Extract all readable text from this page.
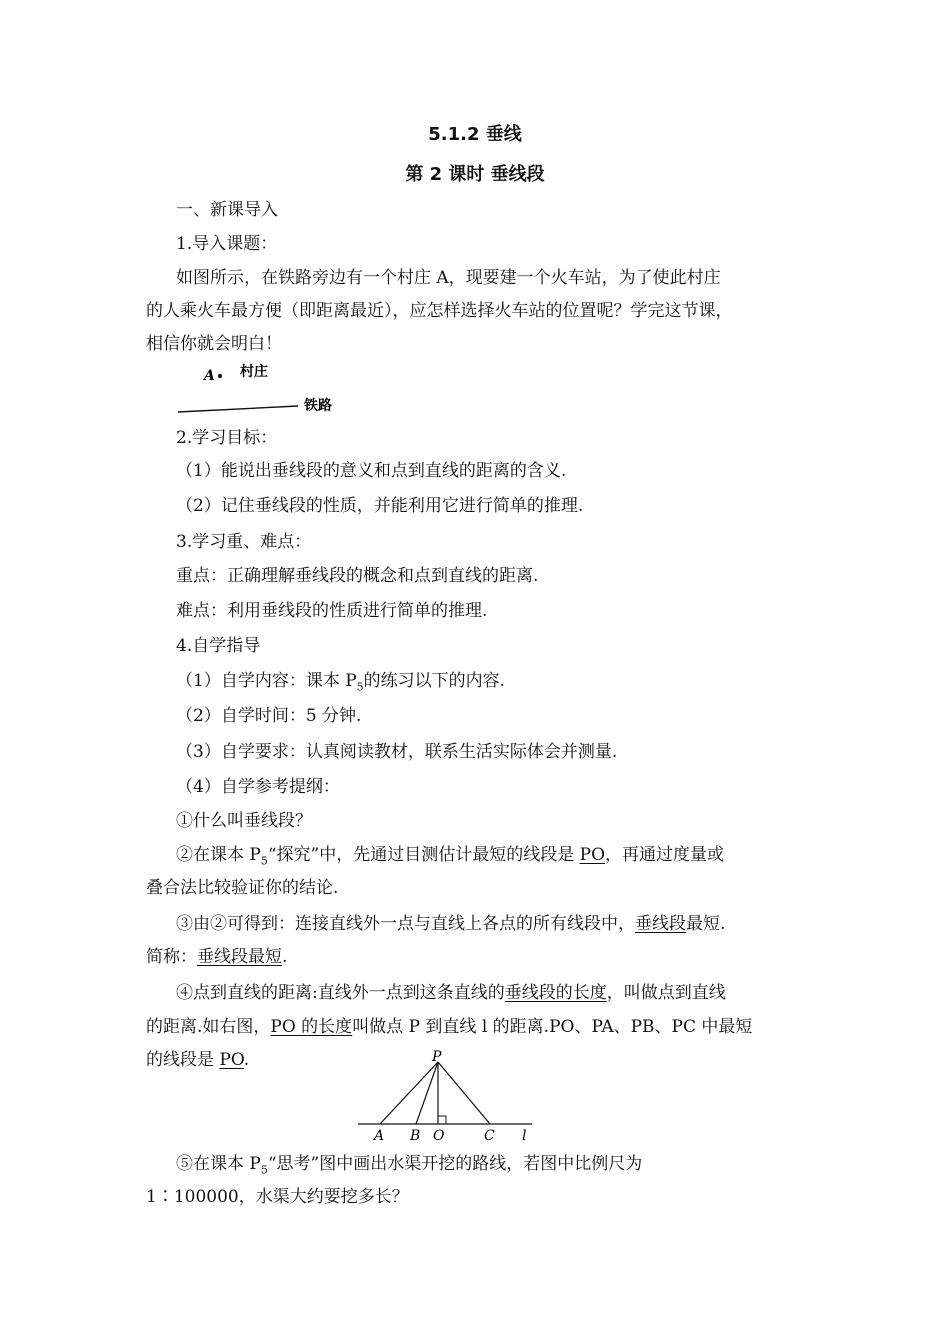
5.1.2 垂线
第 2 课时 垂线段
一、新课导入
1.导入课题：
如图所示，在铁路旁边有一个村庄 A，现要建一个火车站，为了使此村庄
的人乘火车最方便（即距离最近），应怎样选择火车站的位置呢？学完这节课，
相信你就会明白！
A 村庄
铁路
2.学习目标：
（1）能说出垂线段的意义和点到直线的距离的含义.
（2）记住垂线段的性质，并能利用它进行简单的推理.
3.学习重、难点：
重点：正确理解垂线段的概念和点到直线的距离.
难点：利用垂线段的性质进行简单的推理.
4.自学指导
（1）自学内容：课本 $P_5$的练习以下的内容.
（2）自学时间：5 分钟.
（3）自学要求：认真阅读教材，联系生活实际体会并测量.
（4）自学参考提纲：
①什么叫垂线段？
②在课本 $P_5“$探究”中，先通过目测估计最短的线段是 PO，再通过度量或
叠合法比较验证你的结论.
③由②可得到：连接直线外一点与直线上各点的所有线段中，垂线段最短.
简称：垂线段最短.
④点到直线的距离:直线外一点到这条直线的垂线段的长度，叫做点到直线
的距离.如右图，PO 的长度叫做点 P 到直线 l 的距离.PO、PA、PB、PC 中最短
的线段是 PO.	P
A B O	C l
⑤在课本 $P_5“$思考”图中画出水渠开挖的路线，若图中比例尺为
1∶100000，水渠大约要挖多长？
